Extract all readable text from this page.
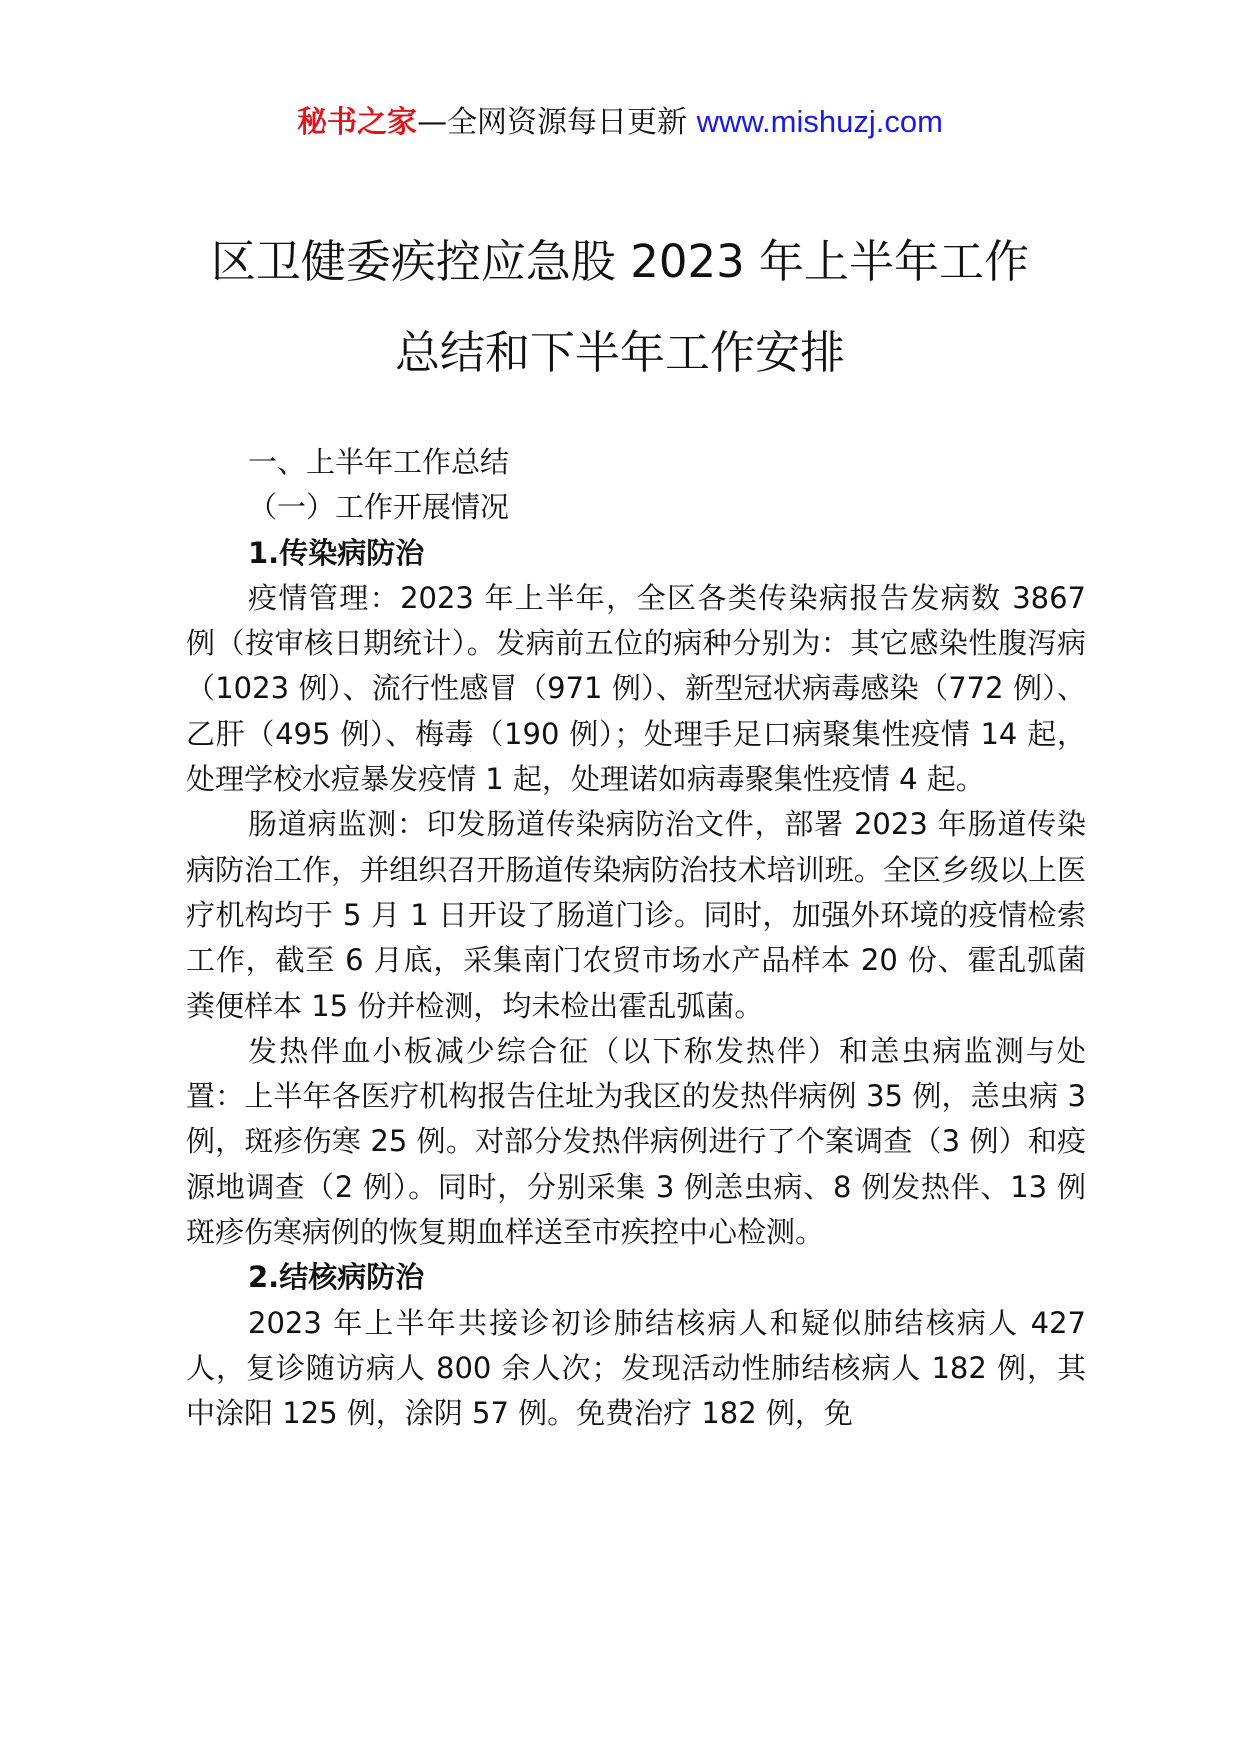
秘书之家—全网资源每日更新 www.mishuzj.com
区卫健委疾控应急股 2023 年上半年工作
总结和下半年工作安排

一、上半年工作总结

（一）工作开展情况

1.传染病防治

疫情管理：2023 年上半年，全区各类传染病报告发病数 3867 例（按审核日期统计）。发病前五位的病种分别为：其它感染性腹泻病（1023 例）、流行性感冒（971 例）、新型冠状病毒感染（772 例）、乙肝（495 例）、梅毒（190 例）；处理手足口病聚集性疫情 14 起，处理学校水痘暴发疫情 1 起，处理诺如病毒聚集性疫情 4 起。

肠道病监测：印发肠道传染病防治文件，部署 2023 年肠道传染病防治工作，并组织召开肠道传染病防治技术培训班。全区乡级以上医疗机构均于 5 月 1 日开设了肠道门诊。同时，加强外环境的疫情检索工作，截至 6 月底，采集南门农贸市场水产品样本 20 份、霍乱弧菌粪便样本 15 份并检测，均未检出霍乱弧菌。

发热伴血小板减少综合征（以下称发热伴）和恙虫病监测与处置：上半年各医疗机构报告住址为我区的发热伴病例 35 例，恙虫病 3 例，斑疹伤寒 25 例。对部分发热伴病例进行了个案调查（3 例）和疫源地调查（2 例）。同时，分别采集 3 例恙虫病、8 例发热伴、13 例斑疹伤寒病例的恢复期血样送至市疾控中心检测。

2.结核病防治

2023 年上半年共接诊初诊肺结核病人和疑似肺结核病人 427 人，复诊随访病人 800 余人次；发现活动性肺结核病人 182 例，其中涂阳 125 例，涂阴 57 例。免费治疗 182 例，免
